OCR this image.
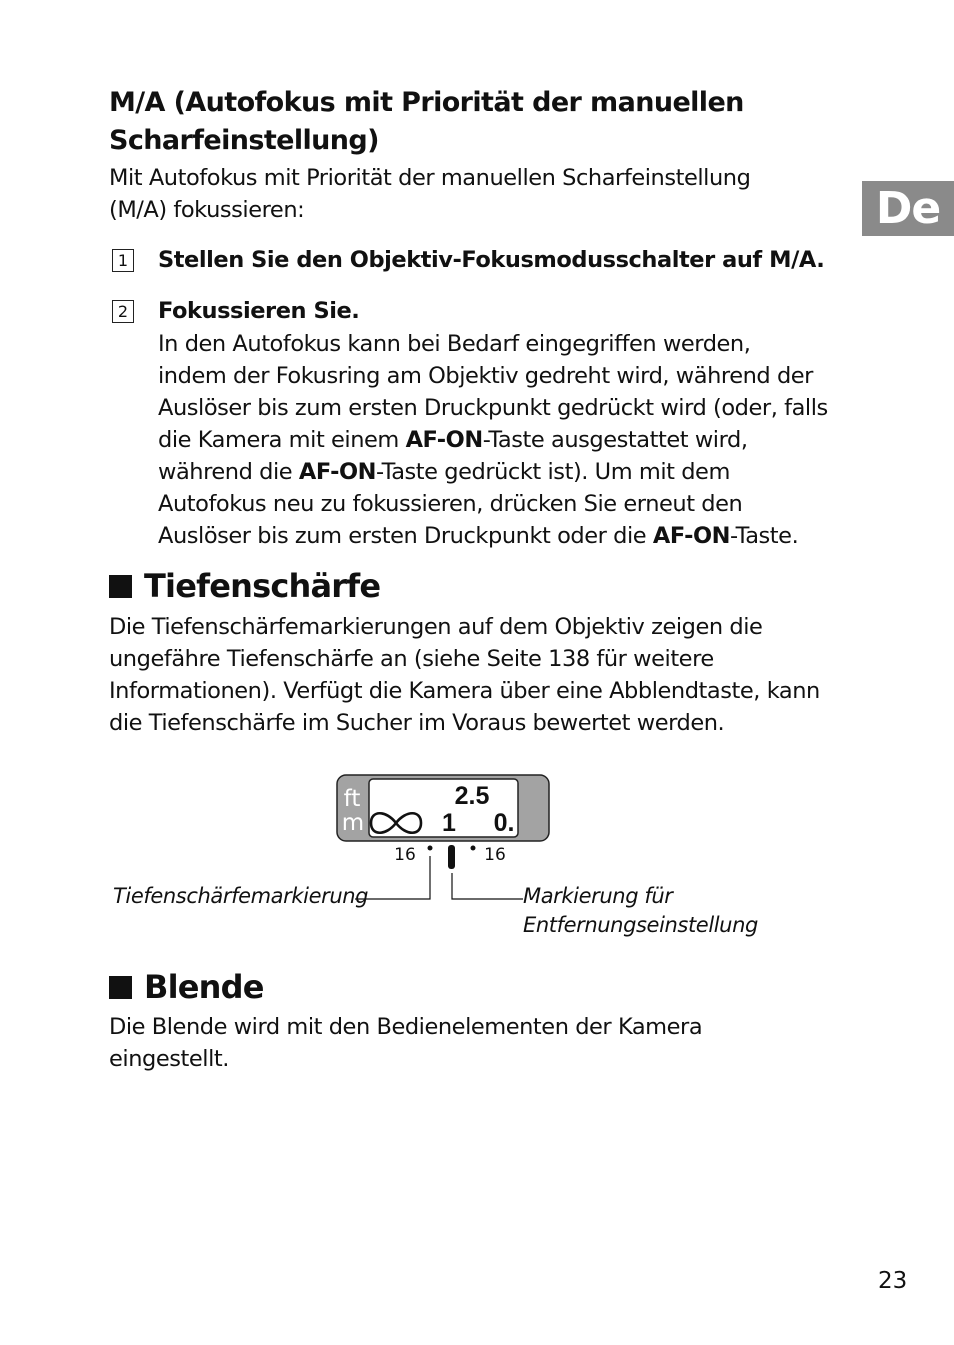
M/A (Autofokus mit Priorität der manuellen
Scharfeinstellung)
Mit Autofokus mit Priorität der manuellen Scharfeinstellung
(M/A) fokussieren:	De
1 Stellen Sie den Objektiv-Fokusmodusschalter auf M/A.
2 Fokussieren Sie.
In den Autofokus kann bei Bedarf eingegriffen werden,
indem der Fokusring am Objektiv gedreht wird, während der
Auslöser bis zum ersten Druckpunkt gedrückt wird (oder, falls
die Kamera mit einem AF-ON-Taste ausgestattet wird,
während die AF-ON-Taste gedrückt ist). Um mit dem
Autofokus neu zu fokussieren, drücken Sie erneut den
Auslöser bis zum ersten Druckpunkt oder die AF-ON-Taste.
Tiefenschärfe
Die Tiefenschärfemarkierungen auf dem Objektiv zeigen die
ungefähre Tiefenschärfe an (siehe Seite 138 für weitere
Informationen). Verfügt die Kamera über eine Abblendtaste, kann
die Tiefenschärfe im Sucher im Voraus bewertet werden.
ft
m
2.5
1 0.
16	16
Tiefenschärfemarkierung	Markierung für
Entfernungseinstellung
Blende
Die Blende wird mit den Bedienelementen der Kamera
eingestellt.
23
